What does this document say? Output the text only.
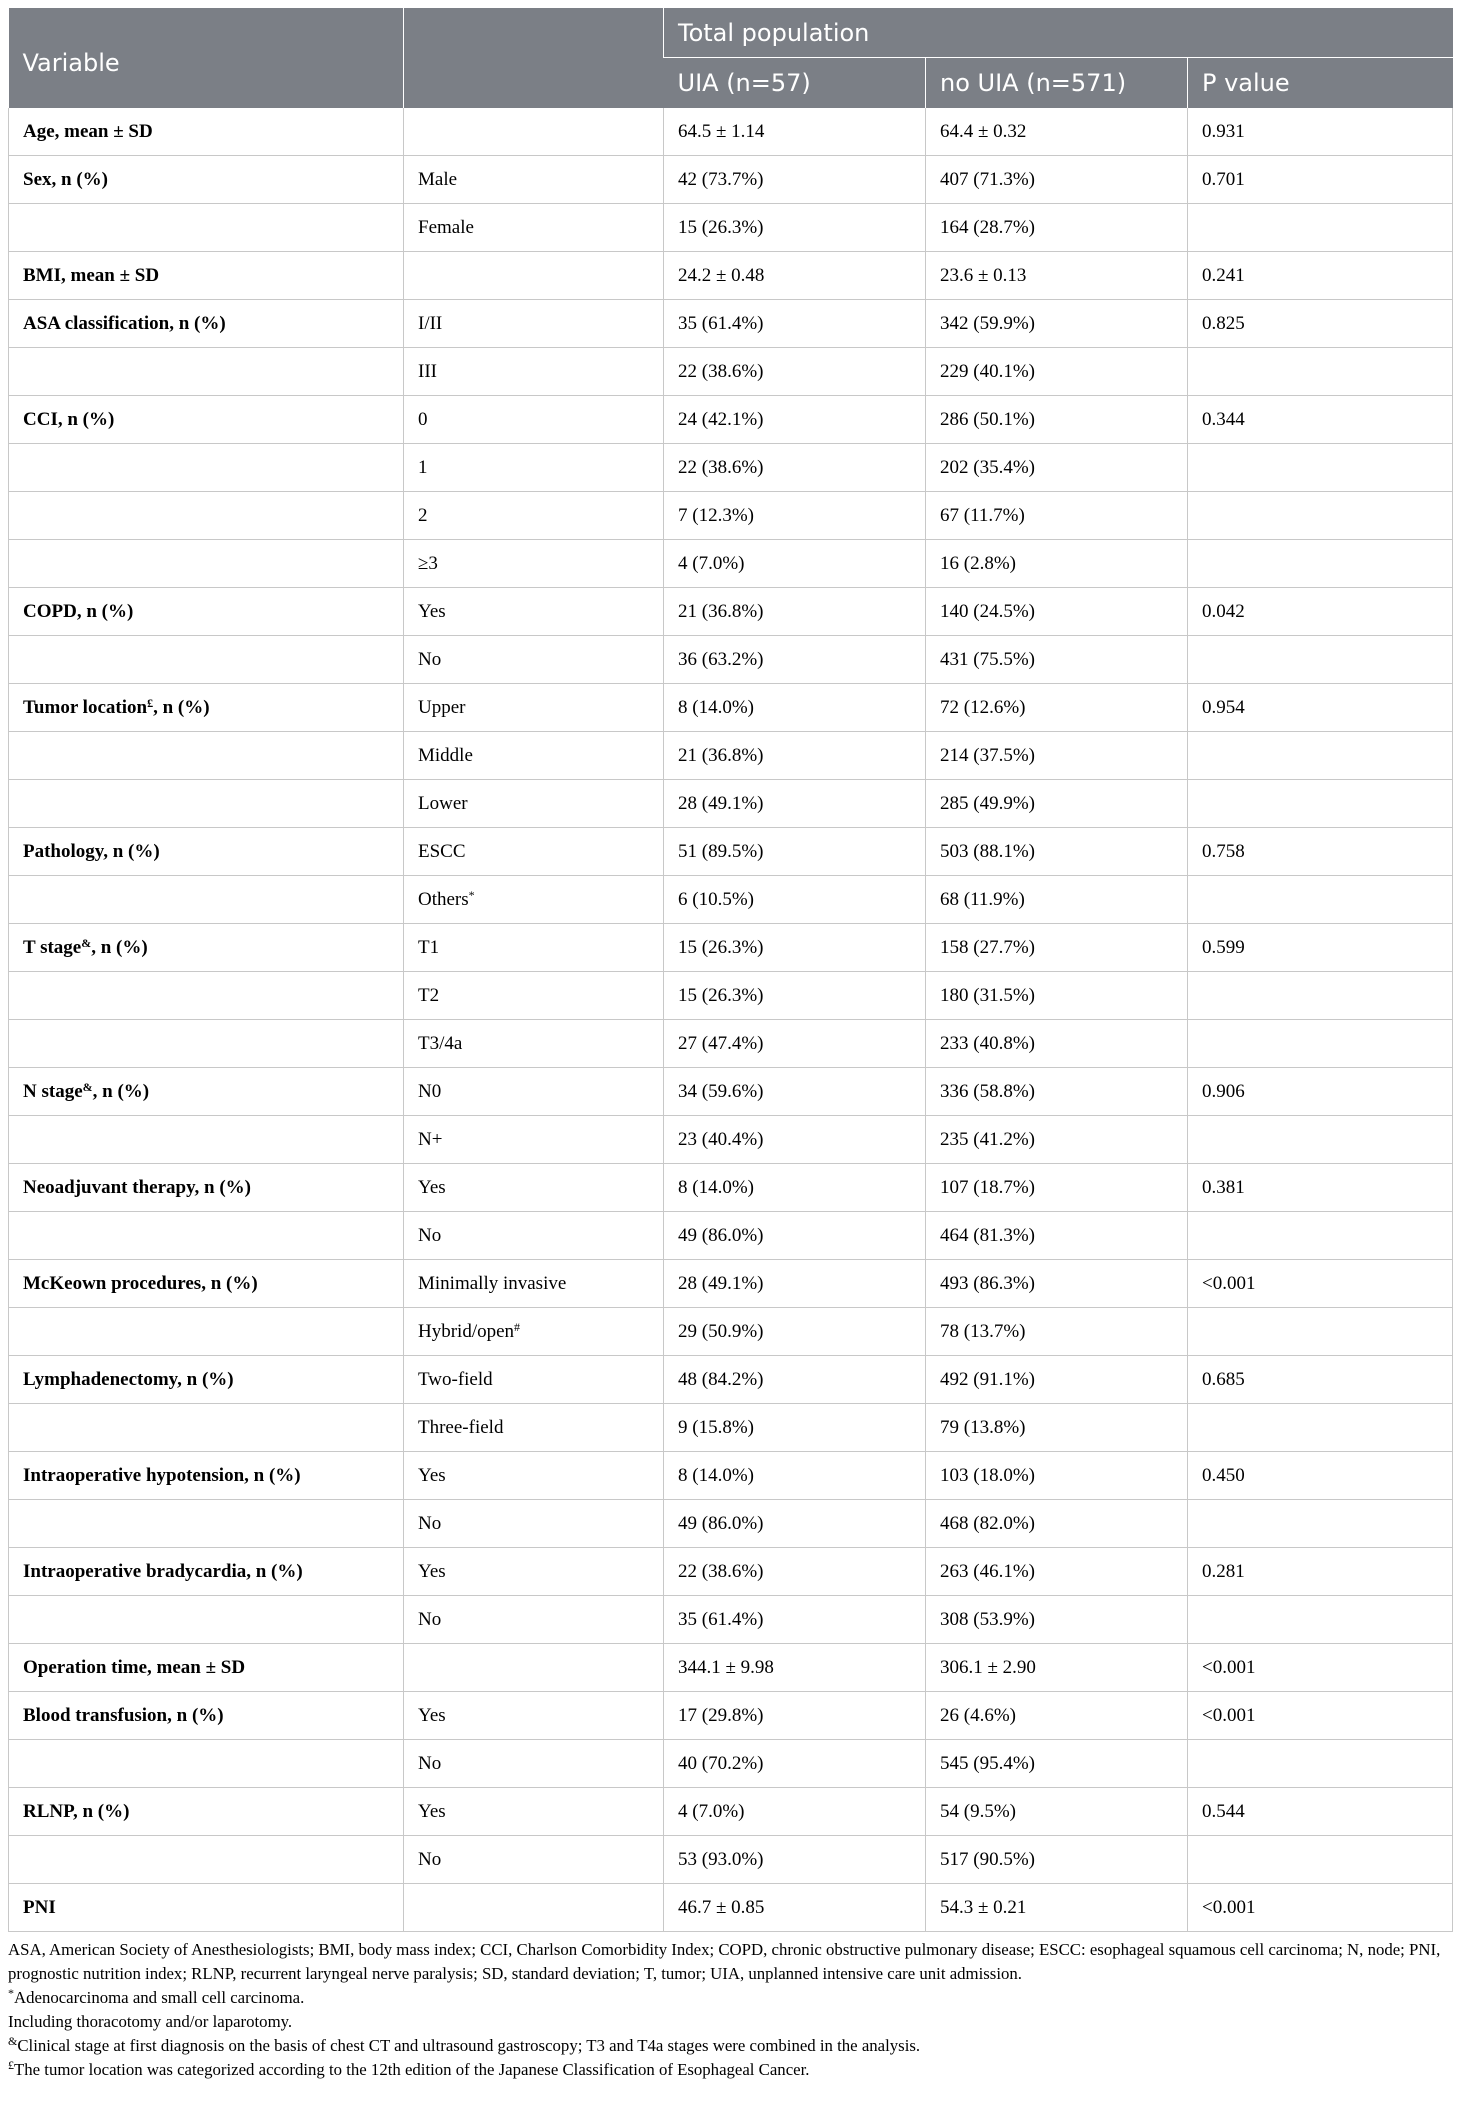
Variable		Total population		
		UIA (n=57)	no UIA (n=571)	P value
Age, mean ± SD		64.5 ± 1.14	64.4 ± 0.32	0.931
Sex, n (%)	Male	42 (73.7%)	407 (71.3%)	0.701
	Female	15 (26.3%)	164 (28.7%)	
BMI, mean ± SD		24.2 ± 0.48	23.6 ± 0.13	0.241
ASA classification, n (%)	I/II	35 (61.4%)	342 (59.9%)	0.825
	III	22 (38.6%)	229 (40.1%)	
CCI, n (%)	0	24 (42.1%)	286 (50.1%)	0.344
	1	22 (38.6%)	202 (35.4%)	
	2	7 (12.3%)	67 (11.7%)	
	≥3	4 (7.0%)	16 (2.8%)	
COPD, n (%)	Yes	21 (36.8%)	140 (24.5%)	0.042
	No	36 (63.2%)	431 (75.5%)	
Tumor location£, n (%)	Upper	8 (14.0%)	72 (12.6%)	0.954
	Middle	21 (36.8%)	214 (37.5%)	
	Lower	28 (49.1%)	285 (49.9%)	
Pathology, n (%)	ESCC	51 (89.5%)	503 (88.1%)	0.758
	Others*	6 (10.5%)	68 (11.9%)	
T stage&, n (%)	T1	15 (26.3%)	158 (27.7%)	0.599
	T2	15 (26.3%)	180 (31.5%)	
	T3/4a	27 (47.4%)	233 (40.8%)	
N stage&, n (%)	N0	34 (59.6%)	336 (58.8%)	0.906
	N+	23 (40.4%)	235 (41.2%)	
Neoadjuvant therapy, n (%)	Yes	8 (14.0%)	107 (18.7%)	0.381
	No	49 (86.0%)	464 (81.3%)	
McKeown procedures, n (%)	Minimally invasive	28 (49.1%)	493 (86.3%)	<0.001
	Hybrid/open#	29 (50.9%)	78 (13.7%)	
Lymphadenectomy, n (%)	Two-field	48 (84.2%)	492 (91.1%)	0.685
	Three-field	9 (15.8%)	79 (13.8%)	
Intraoperative hypotension, n (%)	Yes	8 (14.0%)	103 (18.0%)	0.450
	No	49 (86.0%)	468 (82.0%)	
Intraoperative bradycardia, n (%)	Yes	22 (38.6%)	263 (46.1%)	0.281
	No	35 (61.4%)	308 (53.9%)	
Operation time, mean ± SD		344.1 ± 9.98	306.1 ± 2.90	<0.001
Blood transfusion, n (%)	Yes	17 (29.8%)	26 (4.6%)	<0.001
	No	40 (70.2%)	545 (95.4%)	
RLNP, n (%)	Yes	4 (7.0%)	54 (9.5%)	0.544
	No	53 (93.0%)	517 (90.5%)	
PNI		46.7 ± 0.85	54.3 ± 0.21	<0.001

ASA, American Society of Anesthesiologists; BMI, body mass index; CCI, Charlson Comorbidity Index; COPD, chronic obstructive pulmonary disease; ESCC: esophageal squamous cell carcinoma; N, node; PNI, prognostic nutrition index; RLNP, recurrent laryngeal nerve paralysis; SD, standard deviation; T, tumor; UIA, unplanned intensive care unit admission.

*Adenocarcinoma and small cell carcinoma.

Including thoracotomy and/or laparotomy.

&Clinical stage at first diagnosis on the basis of chest CT and ultrasound gastroscopy; T3 and T4a stages were combined in the analysis.

£The tumor location was categorized according to the 12th edition of the Japanese Classification of Esophageal Cancer.
